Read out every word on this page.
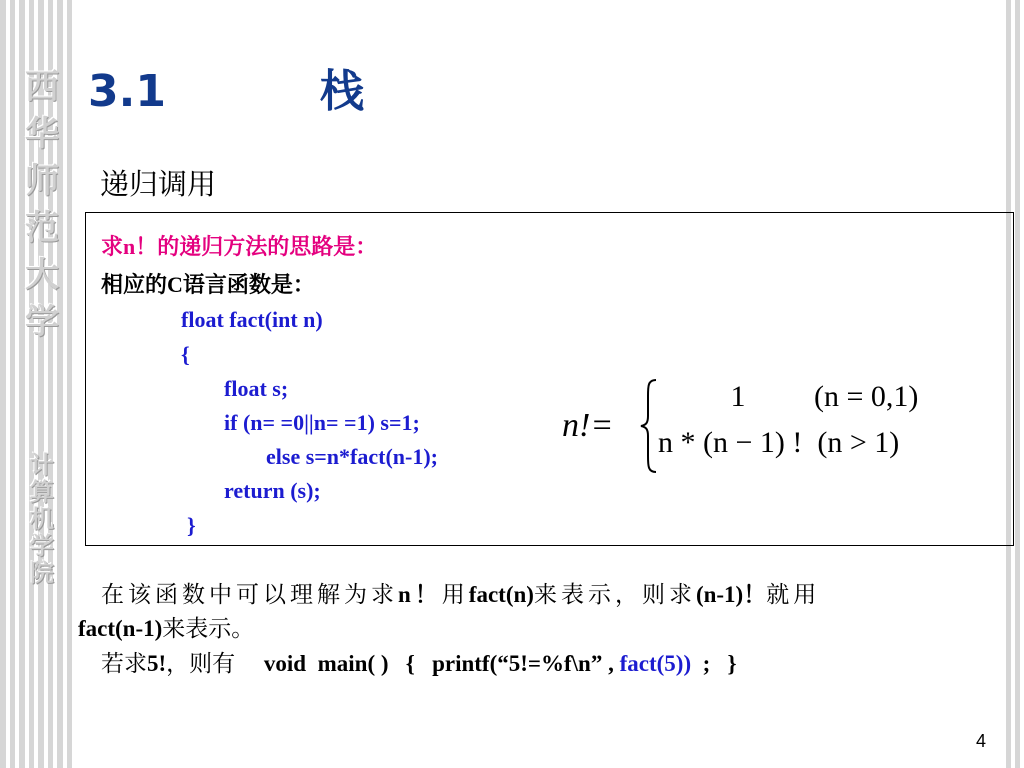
西
华
师
范
大
学
计
算
机
学
院
3.1	栈
递归调用
求n！的递归方法的思路是：
相应的C语言函数是：
float fact(int n)
{
float s;
if (n= =0||n= =1) s=1;
else s=n*fact(n-1);
return (s);
}
n!=
1 (n = 0,1)
n * (n − 1) ! (n > 1)
在该函数中可以理解为求n！用fact(n)来表示，则求(n-1)！就用
fact(n-1)来表示。
若求5!，则有 void  main( )   {   printf(“5!=%f\n” , fact(5)) ;   }
4
